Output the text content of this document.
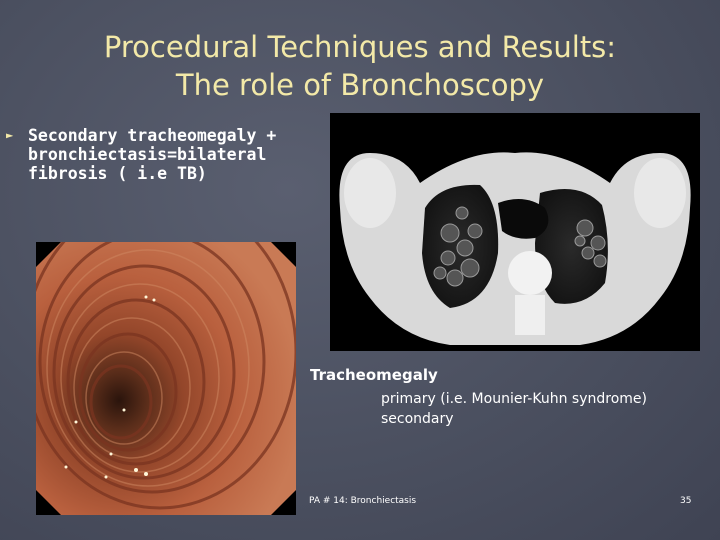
Procedural Techniques and Results:
The role of Bronchoscopy
► Secondary tracheomegaly + bronchiectasis=bilateral fibrosis ( i.e TB)
Tracheomegaly
primary (i.e. Mounier-Kuhn syndrome)
secondary
PA # 14: Bronchiectasis	35
